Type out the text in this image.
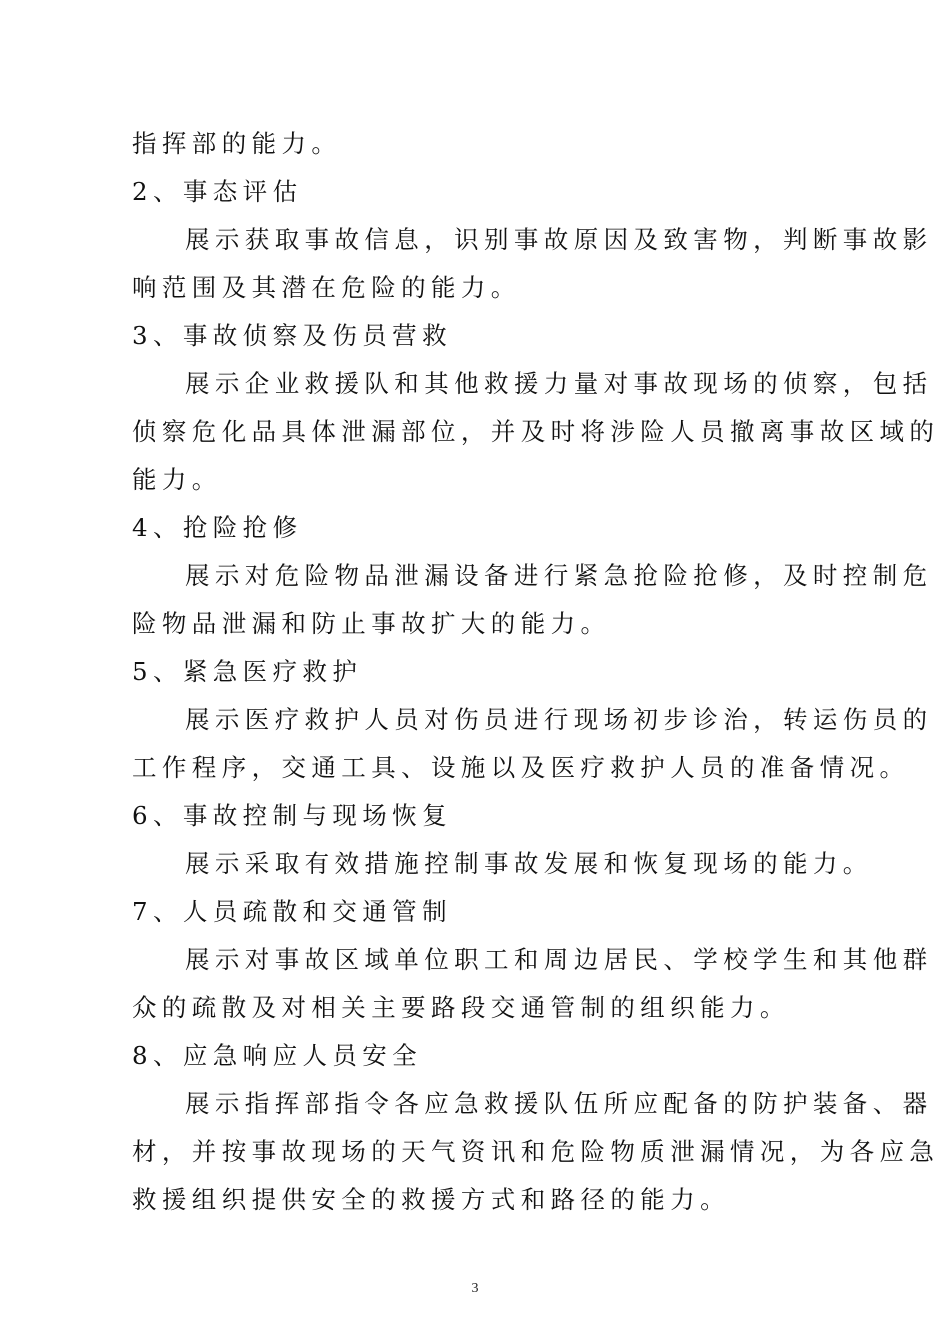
指挥部的能力。
2、事态评估
展示获取事故信息，识别事故原因及致害物，判断事故影
响范围及其潜在危险的能力。
3、事故侦察及伤员营救
展示企业救援队和其他救援力量对事故现场的侦察，包括
侦察危化品具体泄漏部位，并及时将涉险人员撤离事故区域的
能力。
4、抢险抢修
展示对危险物品泄漏设备进行紧急抢险抢修，及时控制危
险物品泄漏和防止事故扩大的能力。
5、紧急医疗救护
展示医疗救护人员对伤员进行现场初步诊治，转运伤员的
工作程序，交通工具、设施以及医疗救护人员的准备情况。
6、事故控制与现场恢复
展示采取有效措施控制事故发展和恢复现场的能力。
7、人员疏散和交通管制
展示对事故区域单位职工和周边居民、学校学生和其他群
众的疏散及对相关主要路段交通管制的组织能力。
8、应急响应人员安全
展示指挥部指令各应急救援队伍所应配备的防护装备、器
材，并按事故现场的天气资讯和危险物质泄漏情况，为各应急
救援组织提供安全的救援方式和路径的能力。
3
